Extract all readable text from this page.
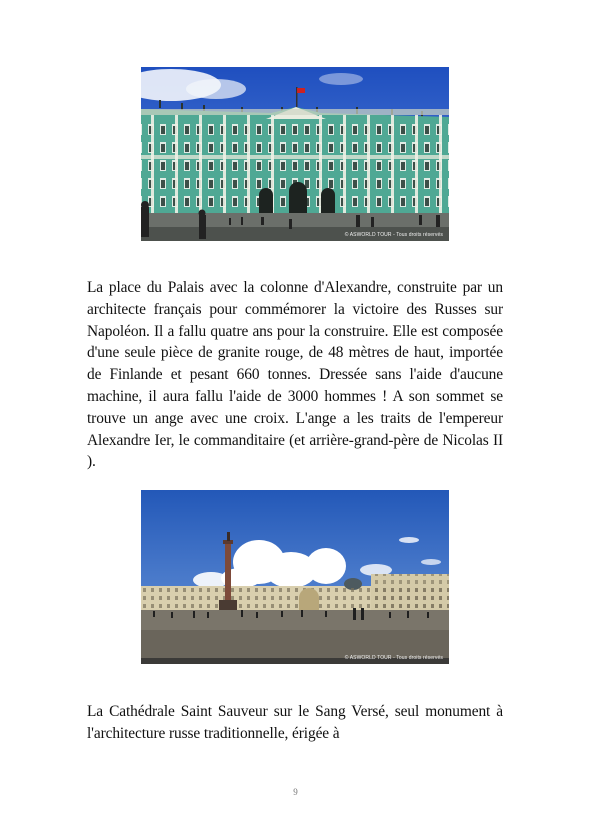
© ASWORLD TOUR - Tous droits réservés

La place du Palais avec la colonne d'Alexandre, construite par un architecte français pour commémorer la victoire des Russes sur Napoléon. Il a fallu quatre ans pour la construire. Elle est composée d'une seule pièce de granite rouge, de 48 mètres de haut, importée de Finlande et pesant 660 tonnes. Dressée sans l'aide d'aucune machine, il aura fallu l'aide de 3000 hommes ! A son sommet se trouve un ange avec une croix. L'ange a les traits de l'empereur Alexandre Ier, le commanditaire (et arrière-grand-père de Nicolas II ).

© ASWORLD TOUR - Tous droits réservés

La Cathédrale Saint Sauveur sur le Sang Versé, seul monument à l'architecture russe traditionnelle, érigée à

9
